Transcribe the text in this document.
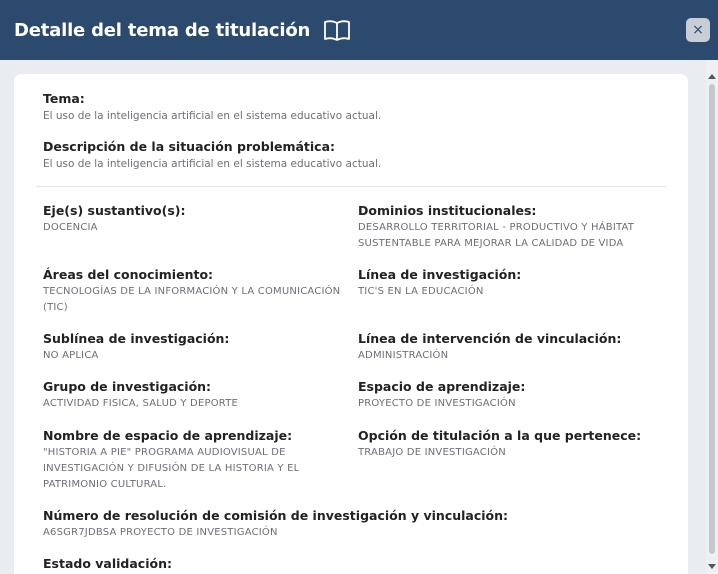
Detalle del tema de titulación	×
Tema:
El uso de la inteligencia artificial en el sistema educativo actual.
Descripción de la situación problemática:
El uso de la inteligencia artificial en el sistema educativo actual.
Eje(s) sustantivo(s):
DOCENCIA
Dominios institucionales:
DESARROLLO TERRITORIAL - PRODUCTIVO Y HÁBITAT SUSTENTABLE PARA MEJORAR LA CALIDAD DE VIDA
Áreas del conocimiento:
TECNOLOGÍAS DE LA INFORMACIÓN Y LA COMUNICACIÓN (TIC)
Línea de investigación:
TIC'S EN LA EDUCACIÓN
Sublínea de investigación:
NO APLICA
Línea de intervención de vinculación:
ADMINISTRACIÓN
Grupo de investigación:
ACTIVIDAD FISICA, SALUD Y DEPORTE
Espacio de aprendizaje:
PROYECTO DE INVESTIGACIÓN
Nombre de espacio de aprendizaje:
"HISTORIA A PIE" PROGRAMA AUDIOVISUAL DE INVESTIGACIÓN Y DIFUSIÓN DE LA HISTORIA Y EL PATRIMONIO CULTURAL.
Opción de titulación a la que pertenece:
TRABAJO DE INVESTIGACIÓN
Número de resolución de comisión de investigación y vinculación:
A6SGR7JDBSA PROYECTO DE INVESTIGACIÓN
Estado validación:
